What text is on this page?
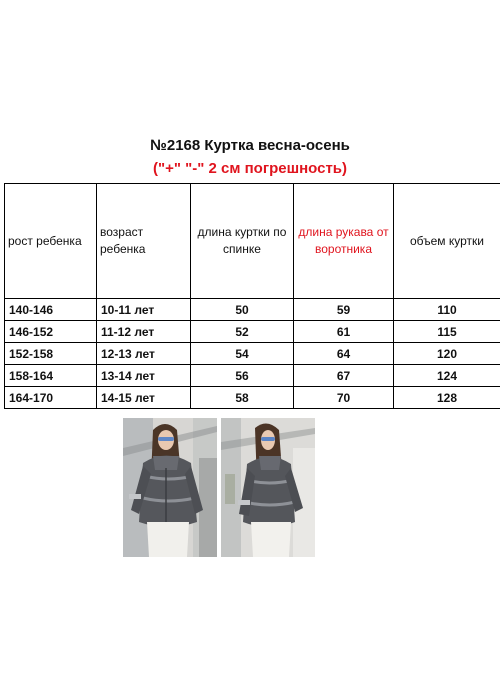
№2168 Куртка весна-осень
("+" "-" 2 см погрешность)
рост ребенка	возраст ребенка	длина куртки по спинке	длина рукава от воротника	объем куртки
140-146	10-11 лет	50	59	110
146-152	11-12 лет	52	61	115
152-158	12-13 лет	54	64	120
158-164	13-14 лет	56	67	124
164-170	14-15 лет	58	70	128
